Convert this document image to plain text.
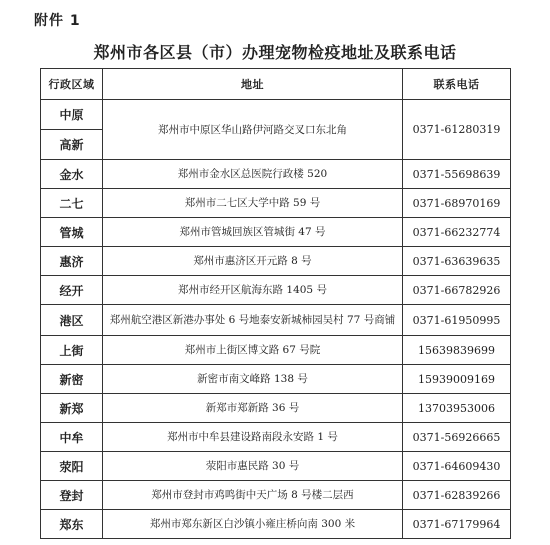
附件 1
郑州市各区县（市）办理宠物检疫地址及联系电话
行政区域	地址	联系电话
中原	郑州市中原区华山路伊河路交叉口东北角	0371-61280319
高新		
金水	郑州市金水区总医院行政楼 520	0371-55698639
二七	郑州市二七区大学中路 59 号	0371-68970169
管城	郑州市管城回族区管城街 47 号	0371-66232774
惠济	郑州市惠济区开元路 8 号	0371-63639635
经开	郑州市经开区航海东路 1405 号	0371-66782926
港区	郑州航空港区新港办事处 6 号地泰安新城柿园吴村 77 号商铺	0371-61950995
上街	郑州市上街区博文路 67 号院	15639839699
新密	新密市南文峰路 138 号	15939009169
新郑	新郑市郑新路 36 号	13703953006
中牟	郑州市中牟县建设路南段永安路 1 号	0371-56926665
荥阳	荥阳市惠民路 30 号	0371-64609430
登封	郑州市登封市鸡鸣街中天广场 8 号楼二层西	0371-62839266
郑东	郑州市郑东新区白沙镇小雍庄桥向南 300 米	0371-67179964
